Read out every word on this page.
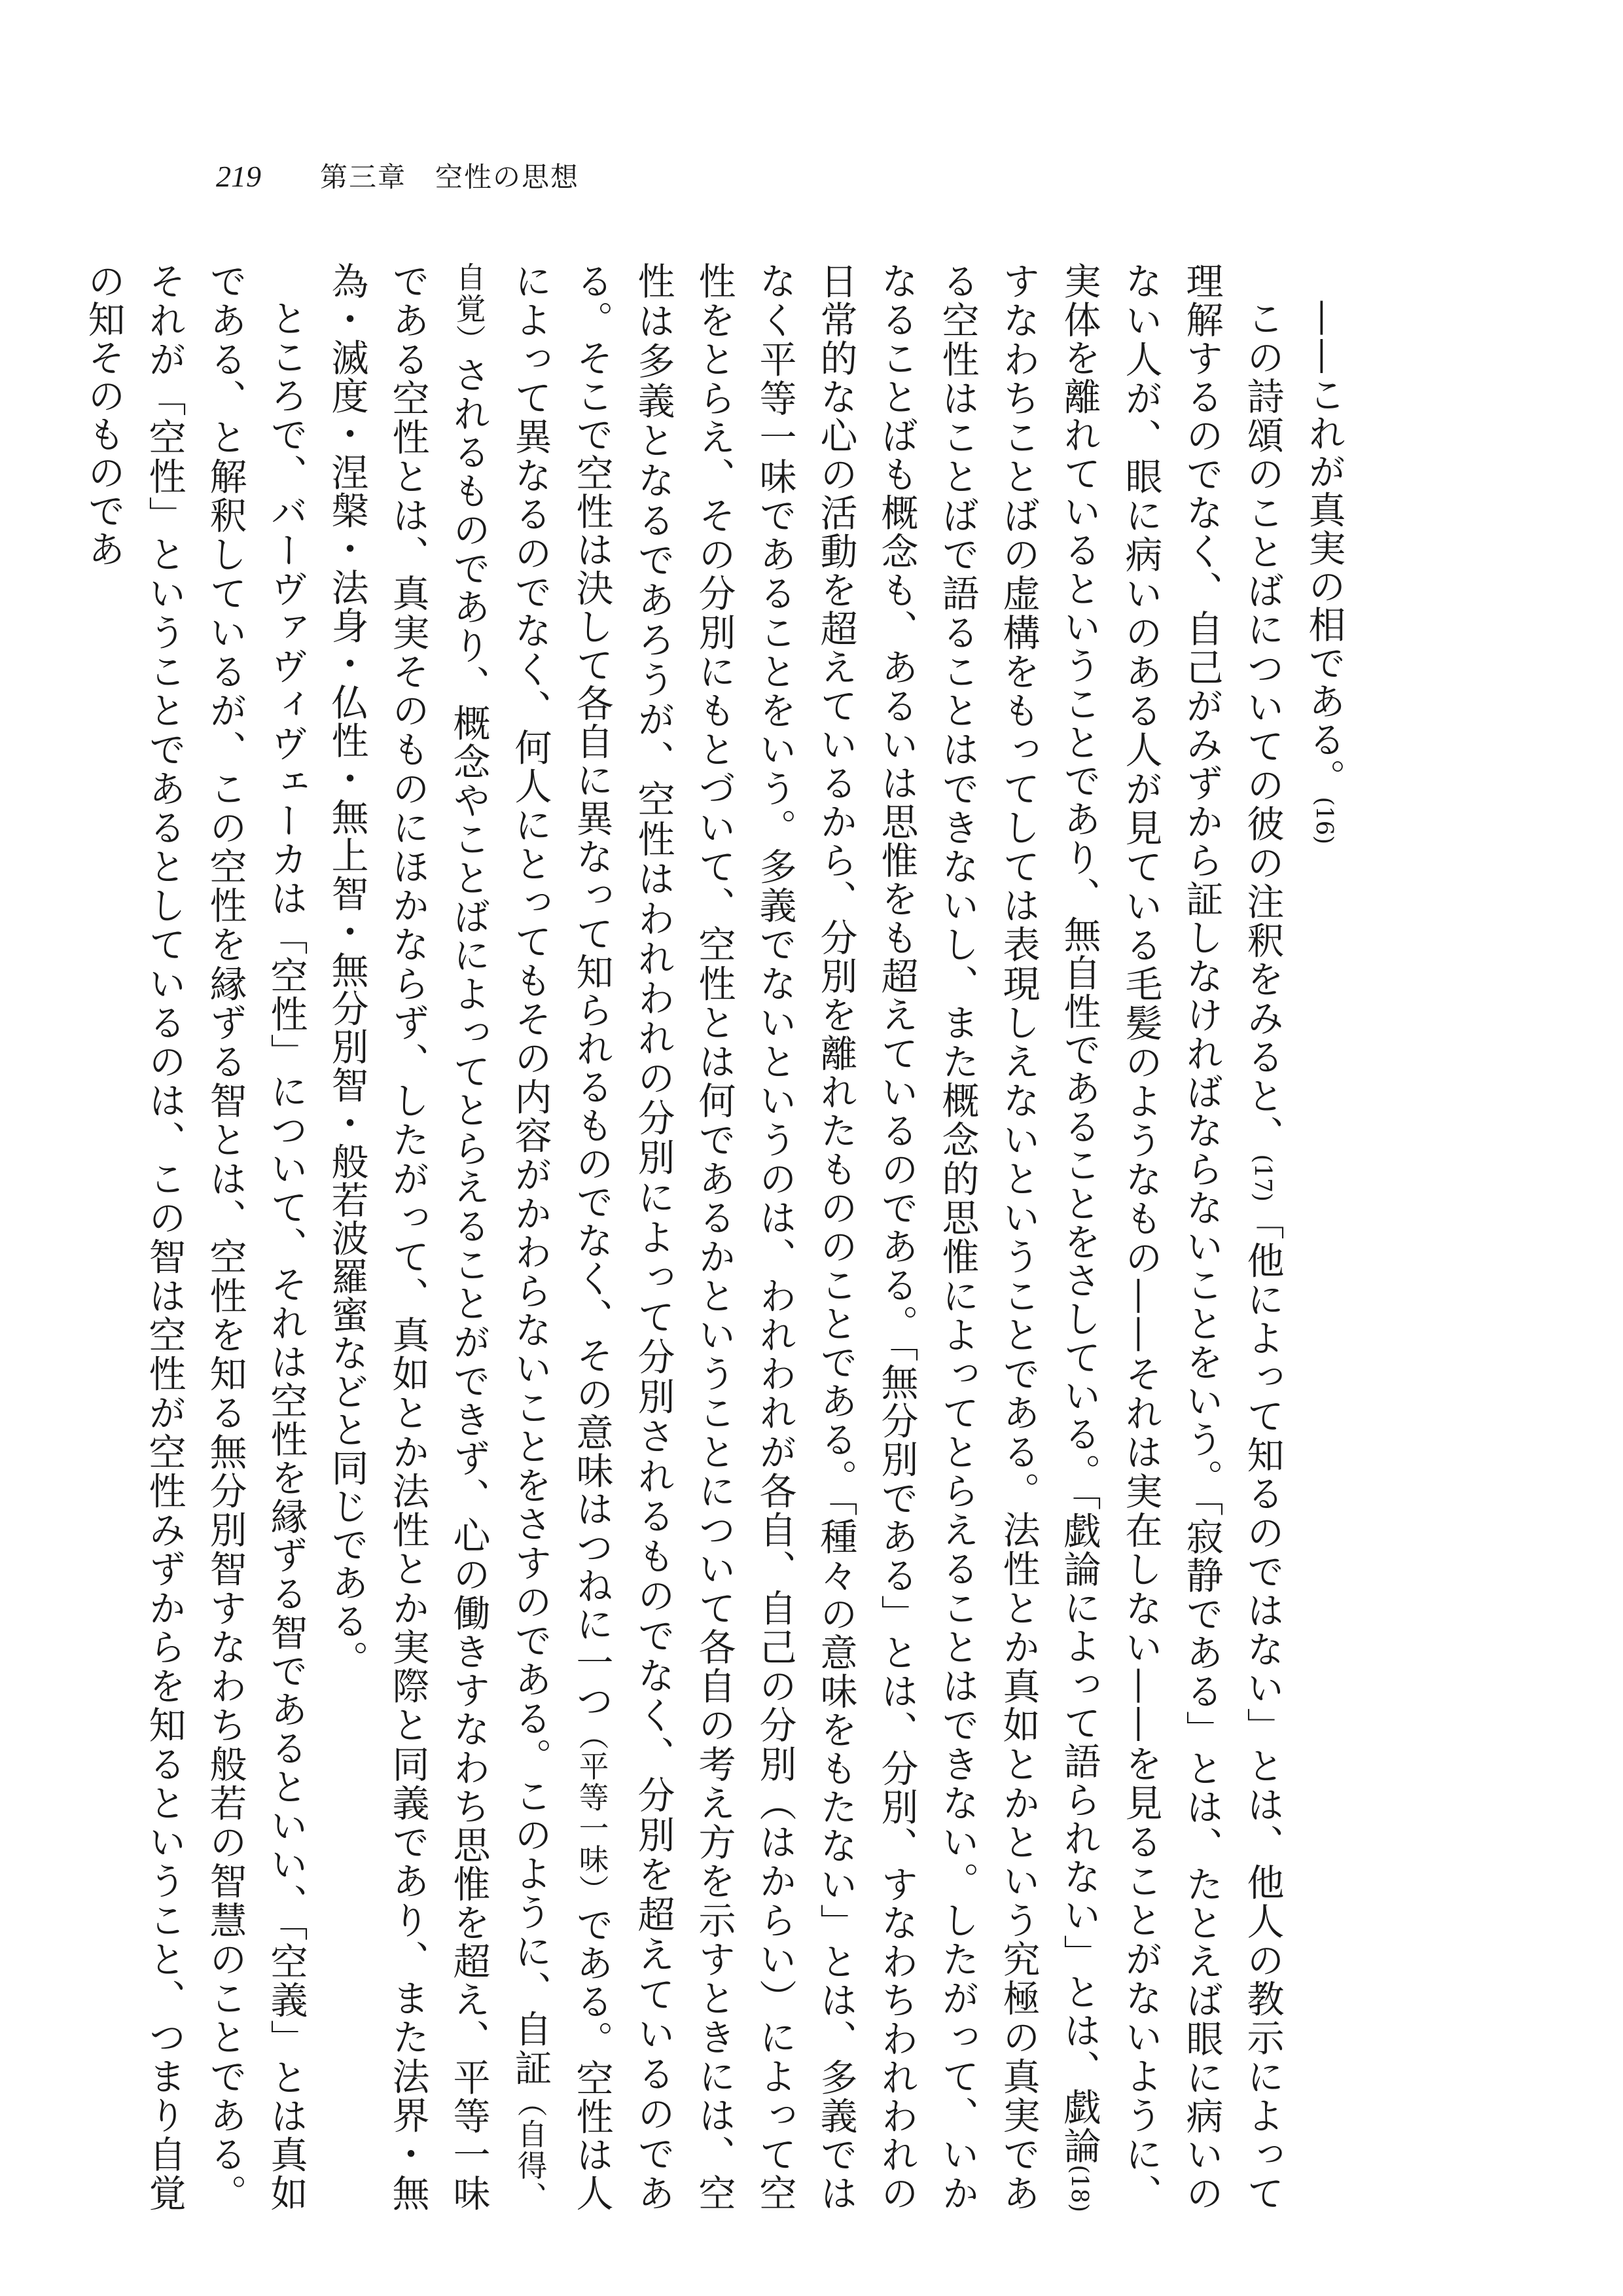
219 第三章　空性の思想

——これが真実の相である。(16)

この詩頌のことばについての彼の注釈をみると、(17)「他によって知るのではない」とは、他人の教示によって理解するのでなく、自己がみずから証しなければならないことをいう。「寂静である」とは、たとえば眼に病いのない人が、眼に病いのある人が見ている毛髪のようなもの——それは実在しない——を見ることがないように、実体を離れているということであり、無自性であることをさしている。「戯論によって語られない」とは、戯論(18)すなわちことばの虚構をもってしては表現しえないということである。法性とか真如とかという究極の真実である空性はことばで語ることはできないし、また概念的思惟によってとらえることはできない。したがって、いかなることばも概念も、あるいは思惟をも超えているのである。「無分別である」とは、分別、すなわちわれわれの日常的な心の活動を超えているから、分別を離れたもののことである。「種々の意味をもたない」とは、多義ではなく平等一味であることをいう。多義でないというのは、われわれが各自、自己の分別（はからい）によって空性をとらえ、その分別にもとづいて、空性とは何であるかということについて各自の考え方を示すときには、空性は多義となるであろうが、空性はわれわれの分別によって分別されるものでなく、分別を超えているのである。そこで空性は決して各自に異なって知られるものでなく、その意味はつねに一つ（平等一味）である。空性は人によって異なるのでなく、何人にとってもその内容がかわらないことをさすのである。このように、自証（自得、自覚）されるものであり、概念やことばによってとらえることができず、心の働きすなわち思惟を超え、平等一味である空性とは、真実そのものにほかならず、したがって、真如とか法性とか実際と同義であり、また法界・無為・滅度・涅槃・法身・仏性・無上智・無分別智・般若波羅蜜などと同じである。

ところで、バーヴァヴィヴェーカは「空性」について、それは空性を縁ずる智であるといい、「空義」とは真如である、と解釈しているが、この空性を縁ずる智とは、空性を知る無分別智すなわち般若の智慧のことである。それが「空性」ということであるとしているのは、この智は空性が空性みずからを知るということ、つまり自覚の知そのものであ
